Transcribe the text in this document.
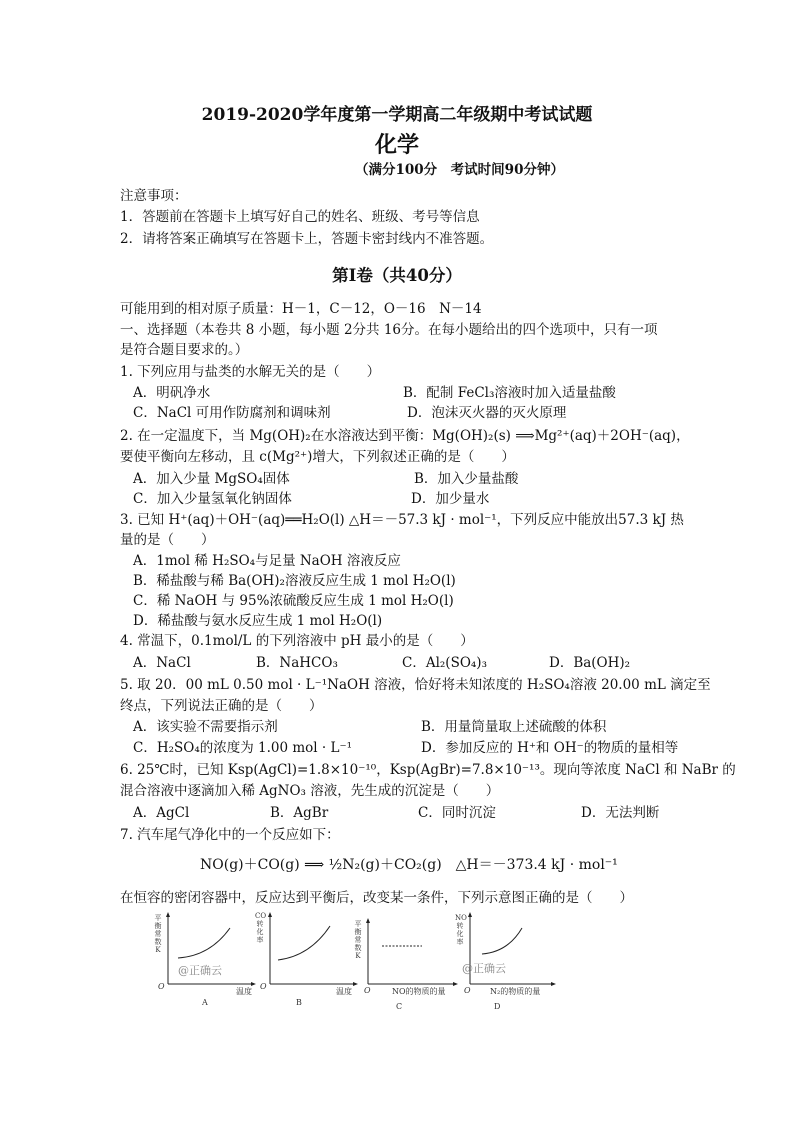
2019-2020学年度第一学期高二年级期中考试试题
化学
（满分100分　考试时间90分钟）
注意事项：
1．答题前在答题卡上填写好自己的姓名、班级、考号等信息
2．请将答案正确填写在答题卡上，答题卡密封线内不准答题。
第Ⅰ卷（共40分）
可能用到的相对原子质量：H－1，C－12，O－16　N－14
一、选择题（本卷共 8 小题，每小题 2分共 16分。在每小题给出的四个选项中，只有一项
是符合题目要求的。）
1. 下列应用与盐类的水解无关的是（　　）
A．明矾净水	B．配制 FeCl₃溶液时加入适量盐酸
C．NaCl 可用作防腐剂和调味剂	D．泡沫灭火器的灭火原理
2. 在一定温度下，当 Mg(OH)₂在水溶液达到平衡：Mg(OH)₂(s) ⟹Mg²⁺(aq)＋2OH⁻(aq)，
要使平衡向左移动，且 c(Mg²⁺)增大，下列叙述正确的是（　　）
A．加入少量 MgSO₄固体	B．加入少量盐酸
C．加入少量氢氧化钠固体	D．加少量水
3. 已知 H⁺(aq)＋OH⁻(aq)══H₂O(l) △H＝－57.3 kJ · mol⁻¹，下列反应中能放出57.3 kJ 热
量的是（　　）
A．1mol 稀 H₂SO₄与足量 NaOH 溶液反应
B．稀盐酸与稀 Ba(OH)₂溶液反应生成 1 mol H₂O(l)
C．稀 NaOH 与 95%浓硫酸反应生成 1 mol H₂O(l)
D．稀盐酸与氨水反应生成 1 mol H₂O(l)
4. 常温下，0.1mol/L 的下列溶液中 pH 最小的是（　　）
A．NaCl	B．NaHCO₃	C．Al₂(SO₄)₃	D．Ba(OH)₂
5. 取 20．00 mL 0.50 mol · L⁻¹NaOH 溶液，恰好将未知浓度的 H₂SO₄溶液 20.00 mL 滴定至
终点，下列说法正确的是（　　）
A．该实验不需要指示剂	B．用量筒量取上述硫酸的体积
C．H₂SO₄的浓度为 1.00 mol · L⁻¹	D．参加反应的 H⁺和 OH⁻的物质的量相等
6. 25℃时，已知 Ksp(AgCl)=1.8×10⁻¹⁰，Ksp(AgBr)=7.8×10⁻¹³。现向等浓度 NaCl 和 NaBr 的
混合溶液中逐滴加入稀 AgNO₃ 溶液，先生成的沉淀是（　　）
A．AgCl	B．AgBr	C．同时沉淀	D．无法判断
7. 汽车尾气净化中的一个反应如下：
NO(g)＋CO(g) ⟹ ½N₂(g)＋CO₂(g)　△H＝－373.4 kJ · mol⁻¹
在恒容的密闭容器中，反应达到平衡后，改变某一条件，下列示意图正确的是（　　）
平衡常数K
O
温度
A
@正确云
CO转化率
O
温度
B
平衡常数K
O	NO的物质的量
C
NO转化率
O N₂的物质的量
D
@正确云
